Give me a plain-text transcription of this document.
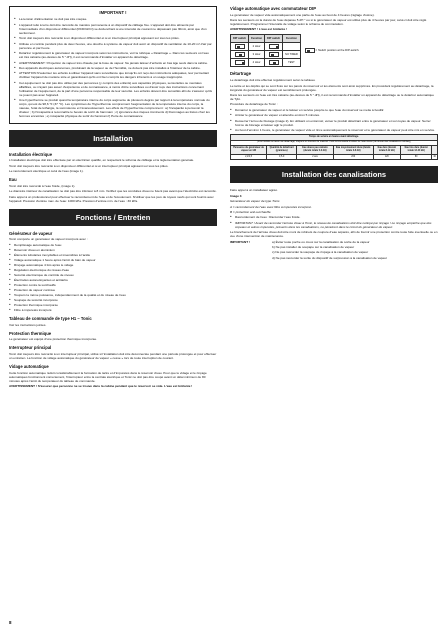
IMPORTANT !
● La tension d'alimentation ne doit pas être coupée.
● L'appareil relié à terre doit être raccordé de manière permanente à un dispositif de câblage fixe. L'appareil doit être alimenté par l'intermédiaire d'un disjoncteur différentiel (RCD/GFCI) se déclenchant à une intensité de courant ne dépassant pas 30mA, ainsi que d'un sectionneur.
● Tonic doit toujours être raccordé à un disjoncteur différentiel et à un interrupteur principal apposant sur tous les pôles.
● Utilisée en continu pendant plus de deux heures, une douche à système de vapeur doit avoir un dispositif de ventilation de 10-20 m³ d'air par personne et par heure.
● Détartrer régulièrement le générateur de vapeur incorporé selon les instructions, voir la rubrique « Détartrage ». Dans les secteurs où l'eau est très calcaire (au-dessus de 5 ° dH), il est recommandé d'installer un appareil de détartrage.
● AVERTISSEMENT ! Projection de vapeur très chaude par la buse de vapeur. Ne jamais laisser d'enfants en bas âge seuls dans la cabine.
● Des appareils électriques autonomes, produisant de la vapeur ou de l'humidité, ne doivent pas être installés à l'intérieur de la cabine.
● ATTENTION N'autoriser les enfants à utiliser l'appareil sans surveillance que lorsqu'ils ont reçu des instructions adéquates, leur permettant d'utiliser l'appareil de manière sûre et garantissant qu'ils ont bien compris les dangers inhérents à un usage inapproprié.
● Cet équipement ne doit pas être utilisé par des personnes (y compris des enfants) aux capacités physiques, sensorielles ou mentales affaiblies, ou n'ayant pas assez d'expérience et de connaissance, à moins d'être surveillées ou d'avoir reçu des instructions concernant l'utilisation de l'équipement, de la part d'une personne responsable de leur sécurité. Les enfants doivent être surveillés afin de s'assurer qu'ils ne jouent pas avec l'appareil.
● Une hyperthermie se produit quand la température interne du corps augmente de plusieurs degrés par rapport à la température normale du corps, qui est de 98,6 °F (37 °C). Les symptômes de l'hyperthermie comprennent l'augmentation de la température interne du corps, la nausée, l'état de léthargie, la somnolence et l'évanouissement. Les effets de l'hyperthermie comprennent : a) l'incapacité à percevoir la chaleur ; b) l'incapacité à reconnaître le besoin de sortir du hammam ; c) ignorance des risques imminents d) Dommages au fœtus chez les femmes enceintes ; e) incapacité physique de sortir du hammam f) Perte de connaissance
Installation
Installation électrique

L'installation électrique doit être effectuée par un électricien qualifié, en respectant le schéma de câblage et la réglementation générale.

Tonic doit toujours être raccordé à un disjoncteur différentiel et à un interrupteur principal agissant sur tous les pôles.

Le raccordement électrique et celui de l'eau (image 1).

Eau

Tonic doit être raccordé à l'eau froide, (image 1).

Le diamètre intérieur de canalisation ne doit pas être inférieur à 8 mm. Vérifiez que les conduites d'eau ne fuient pas avant que l'électricité est raccordé.

Faire appel à un professionnel pour effectuer le raccordement de l'eau et de l'écoulement. N'utiliser que les joux de tuyaux neufs qui sont fournis avec l'appareil. Pression d'entrée max. de l'eau: 1000 kPa. Pression d'entrée min. de l'eau : 30 kPa.

Fonctions / Entretien
Générateur de vapeur

Tonic comporte un générateur de vapeur incorporé avec :

● Remplissage automatique de l'eau
● Réservoir d'eau en aluminium
● Éléments tubulaires inoxydables et insensibles à l'acide
● Vidage automatique 1 heure après l'arrêt du bain de vapeur
● Rinçage automatique 4 fois après le vidage
● Régulation électronique du niveau d'eau
● Sécurité électronique de contrôle de niveau
● Électrodes autonettoyantes et antitartre
● Protection contre la surchauffe
● Protection de vapeur continue
● Toujours la même puissance, indépendamment de la qualité et du niveau de l'eau
● Soupape de sécurité incorporée
● Protection thermique incorporée
● Filtre à impuretés incorporé
Tableau de commande de type H1 – Tonic

Voir les instructions jointes.

Protection thermique

Le générateur est équipé d'une protection thermique incorporée.

Interrupteur principal

Tonic doit toujours être raccordé à un interrupteur principal, utilisé si l'installation doit être déconnectée pendant une période prolongée et pour effectuer un entretien. La fonction de vidage automatique du générateur de vapeur « cesse » lors de toute interruption de courant.

Vidage automatique

Cette fonction automatique réduit considérablement la formation de tartre et d'impuretés dans le réservoir d'eau. Pour que le vidage et le rinçage automatiques fonctionnent correctement, l'interrupteur entre la centrale électrique et Tonic ne doit pas être coupé avant un délai minimum de 80 minutes après l'arrêt du températeur du tableau de commande.

AVERTISSEMENT ! S'assurer que personne ne se trouve dans la cabine pendant que le réservoir se vide. L'eau est brûlante !

Vidage automatique avec commutateur DIP

Le générateur de vapeur vide automatiquement une partie de l'eau au bout de 4 heures (réglage d'usine).

Dans les secteurs où la dureté de l'eau dépasse 5 dH ° ou si le générateur de vapeur est utilisé plus de 4 heures par jour, celui-ci doit être réglé régulièrement. Programmer l'intervalle de vidage selon le schéma de commutation.

AVERTISSEMENT ! L'eau est brûlante !

DIP switch	Function	DIP switch	Function

	2 Hour	

	3 Hour		NO TIMER

	4 Hour		TEST
= Switch position at the DIP-switch.
Détartrage

Le détartrage doit être effectué régulièrement selon le tableau.

Le tartre et les dépôts qui se sont fixés sur les parois du réservoir et les éléments sont ainsi supprimés. En procédant régulièrement au détartrage, la longévité du générateur de vapeur est sensiblement prolongée.

Dans les secteurs où l'eau est très calcaire (au-dessus de 5 ° dH), il est recommandé d'installer un appareil de détartrage ou le détartrer automatique de Tylö.

Procédure de détartrage de Tonic :

● Démarrer le générateur de vapeur et le laisser en service jusqu'à ce que l'eau du réservoir se mette à bouillir.
● Arrêter le générateur de vapeur et attendre environ 5 minutes.
● Desserrer l'écrou de blocage (image 2). En utilisant un entonnoir, verser le produit détartrant entre le générateur et son tuyau de vapeur. Serrer l'écrou de blocage et laisser agir le produit.
● Au bout d'environ 1 heure, le générateur de vapeur vide et rince automatiquement le réservoir et le générateur de vapeur peut être mis en service.
Temps de service en heures avant détartrage.						
(Pour réduire le besoin de détartrage, toujours en fonction du matériel. Il est recommandé d'utiliser de l'eau douce (de dureté des installations mobiles))						
Puissance du générateur de vapeur en kW	Quantité de détartrant (grammes)	Eau douce peu calcaire (dureté totale 0-3 dH)	Eau moyennement dure (dureté totale 3-8 dH)	Eau dure (dureté totale 8-12 dH)	Eau très dure (dureté totale 12-20 dH)	
2,2/4,5	0,5-9	2 ans	200	120	80	40
Installation des canalisations

Faire appel à un installateur agréé.

Image 3

Générateur de vapeur de type Tonic.

A = raccordement de l'eau avec filtre à impuretés incorporé.

B = protection anti-surchauffe.

● Raccordement de l'eau : Raccorder l'eau froide.
● IMPORTANT ! Avant de raccorder l'arrivée d'eau à Tonic, le réseau de canalisations doit être nettoyé par rinçage ! Le rinçage empêche que des copeaux et autres impuretés, présents dans les canalisations, ne pénètrent dans le circuit du générateur de vapeur.

Le branchement de l'arrivée d'eau doit être muni de robinets de coupure d'eau séparés, afin de fournir une protection contre toute fuite éventuelle ou en vue d'une intervention de maintenance.

IMPORTANT !	a) Éviter toute poche ou creux sur la canalisation de sortie de la vapeur

b) Ne pas installer de soupape sur la canalisation de vapeur

c) Ne pas raccorder la soupape de rinçage à la canalisation de vapeur

d) Ne pas raccorder la sortie du dispositif de surpression à la canalisation de vapeur

8
